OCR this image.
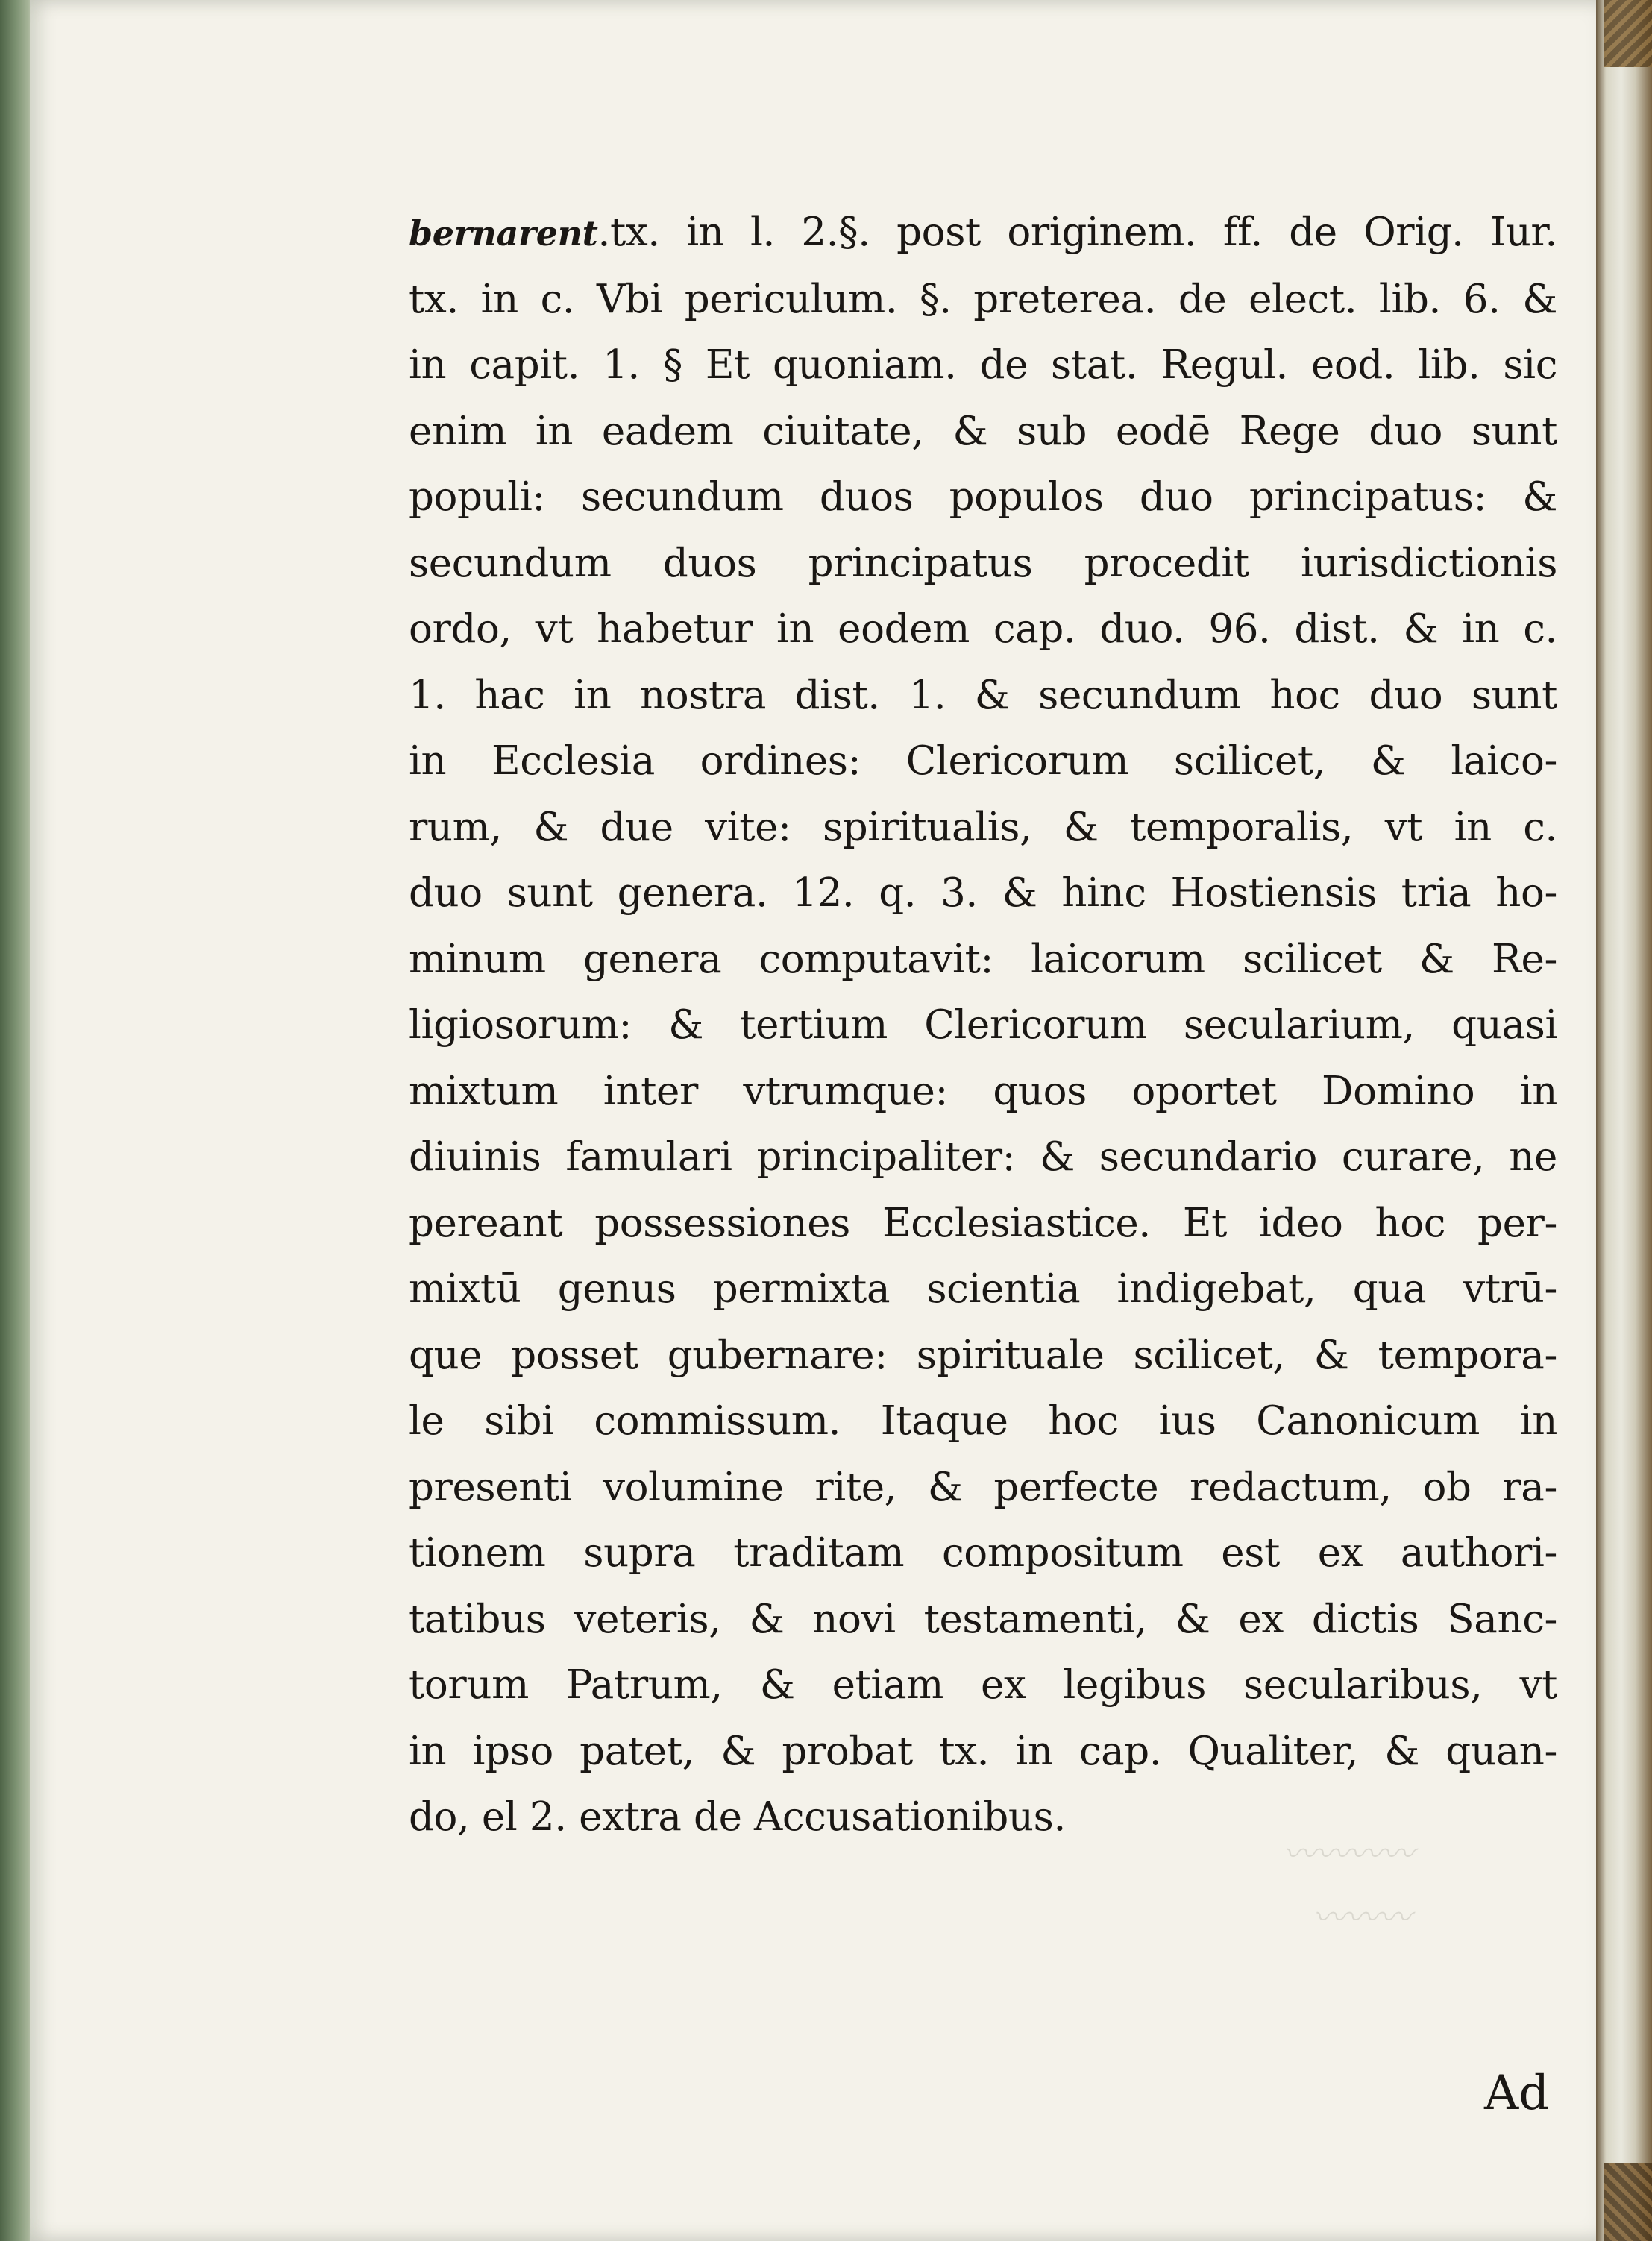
〰〰〰〰
〰〰〰
bernarent.tx. in l. 2.§. post originem. ff. de Orig. Iur.
tx. in c. Vbi periculum. §. preterea. de elect. lib. 6. &
in capit. 1. § Et quoniam. de stat. Regul. eod. lib. sic
enim in eadem ciuitate, & sub eodē Rege duo sunt
populi: secundum duos populos duo principatus: &
secundum duos principatus procedit iurisdictionis
ordo, vt habetur in eodem cap. duo. 96. dist. & in c.
1. hac in nostra dist. 1. & secundum hoc duo sunt
in Ecclesia ordines: Clericorum scilicet, & laico-
rum, & due vite: spiritualis, & temporalis, vt in c.
duo sunt genera. 12. q. 3. & hinc Hostiensis tria ho-
minum genera computavit: laicorum scilicet & Re-
ligiosorum: & tertium Clericorum secularium, quasi
mixtum inter vtrumque: quos oportet Domino in
diuinis famulari principaliter: & secundario curare, ne
pereant possessiones Ecclesiastice. Et ideo hoc per-
mixtū genus permixta scientia indigebat, qua vtrū-
que posset gubernare: spirituale scilicet, & tempora-
le sibi commissum. Itaque hoc ius Canonicum in
presenti volumine rite, & perfecte redactum, ob ra-
tionem supra traditam compositum est ex authori-
tatibus veteris, & novi testamenti, & ex dictis Sanc-
torum Patrum, & etiam ex legibus secularibus, vt
in ipso patet, & probat tx. in cap. Qualiter, & quan-
do, el 2. extra de Accusationibus.
Ad
